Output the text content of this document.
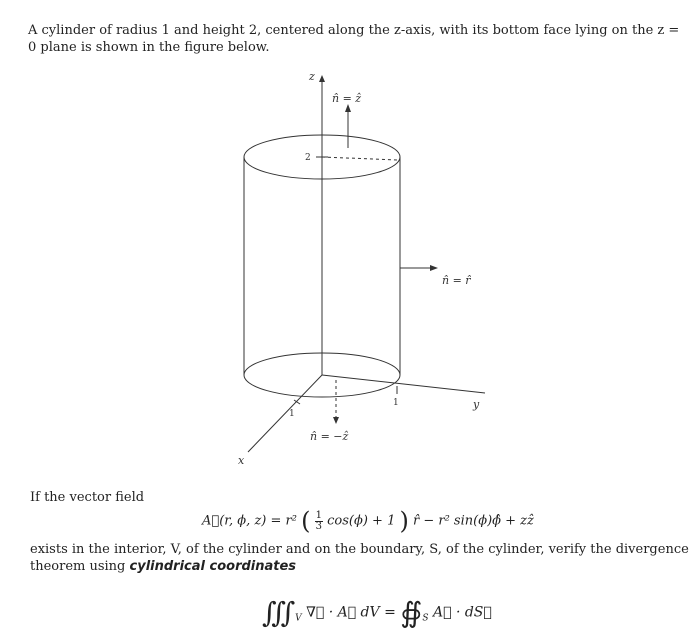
A cylinder of radius 1 and height 2, centered along the z-axis, with its bottom face lying on the z = 0 plane is shown in the figure below.
z
y
x
2
1
1
n̂ = ẑ
n̂ = r̂
n̂ = −ẑ
If the vector field
A⃗(r, ϕ, z) = r² ( $\frac{1}{3} \cos(\phi) + 1$ ) r̂ − r² sin(ϕ)ϕ̂ + zẑ
exists in the interior, V, of the cylinder and on the boundary, S, of the cylinder, verify the divergence theorem using cylindrical coordinates
$∭_V$ ∇⃗ · A⃗ dV = $∯_S$ A⃗ · dS⃗
